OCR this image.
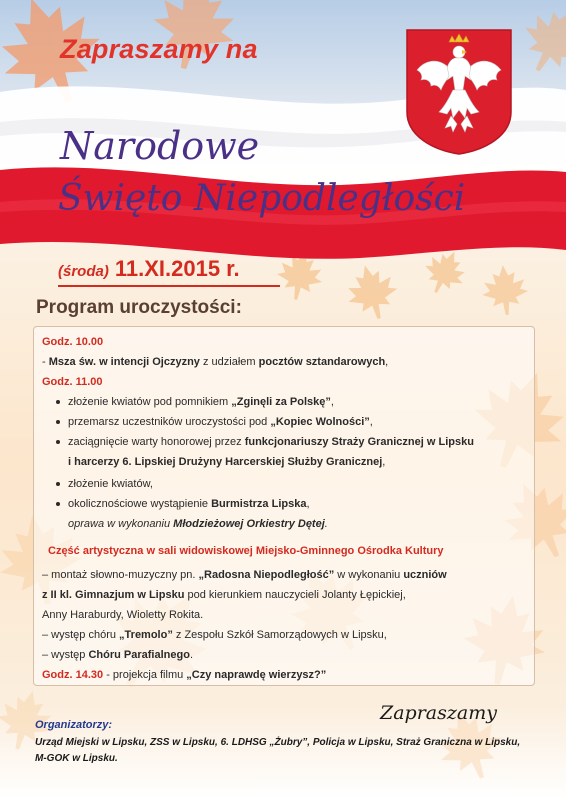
Zapraszamy na
Narodowe
Święto Niepodległości
(środa) 11.XI.2015 r.
Program uroczystości:
Godz. 10.00
- Msza św. w intencji Ojczyzny z udziałem pocztów sztandarowych,
Godz. 11.00
złożenie kwiatów pod pomnikiem „Zginęli za Polskę”,
przemarsz uczestników uroczystości pod „Kopiec Wolności”,
zaciągnięcie warty honorowej przez funkcjonariuszy Straży Granicznej w Lipsku
i harcerzy 6. Lipskiej Drużyny Harcerskiej Służby Granicznej,
złożenie kwiatów,
okolicznościowe wystąpienie Burmistrza Lipska,
oprawa w wykonaniu Młodzieżowej Orkiestry Dętej.
Część artystyczna w sali widowiskowej Miejsko-Gminnego Ośrodka Kultury
– montaż słowno-muzyczny pn. „Radosna Niepodległość” w wykonaniu uczniów
z II kl. Gimnazjum w Lipsku pod kierunkiem nauczycieli Jolanty Łępickiej,
Anny Haraburdy, Wioletty Rokita.
– występ chóru „Tremolo” z Zespołu Szkół Samorządowych w Lipsku,
– występ Chóru Parafialnego.
Godz. 14.30 - projekcja filmu „Czy naprawdę wierzysz?”
Zapraszamy
Organizatorzy:
Urząd Miejski w Lipsku, ZSS w Lipsku, 6. LDHSG „Żubry”, Policja w Lipsku, Straż Graniczna w Lipsku,
M-GOK w Lipsku.
